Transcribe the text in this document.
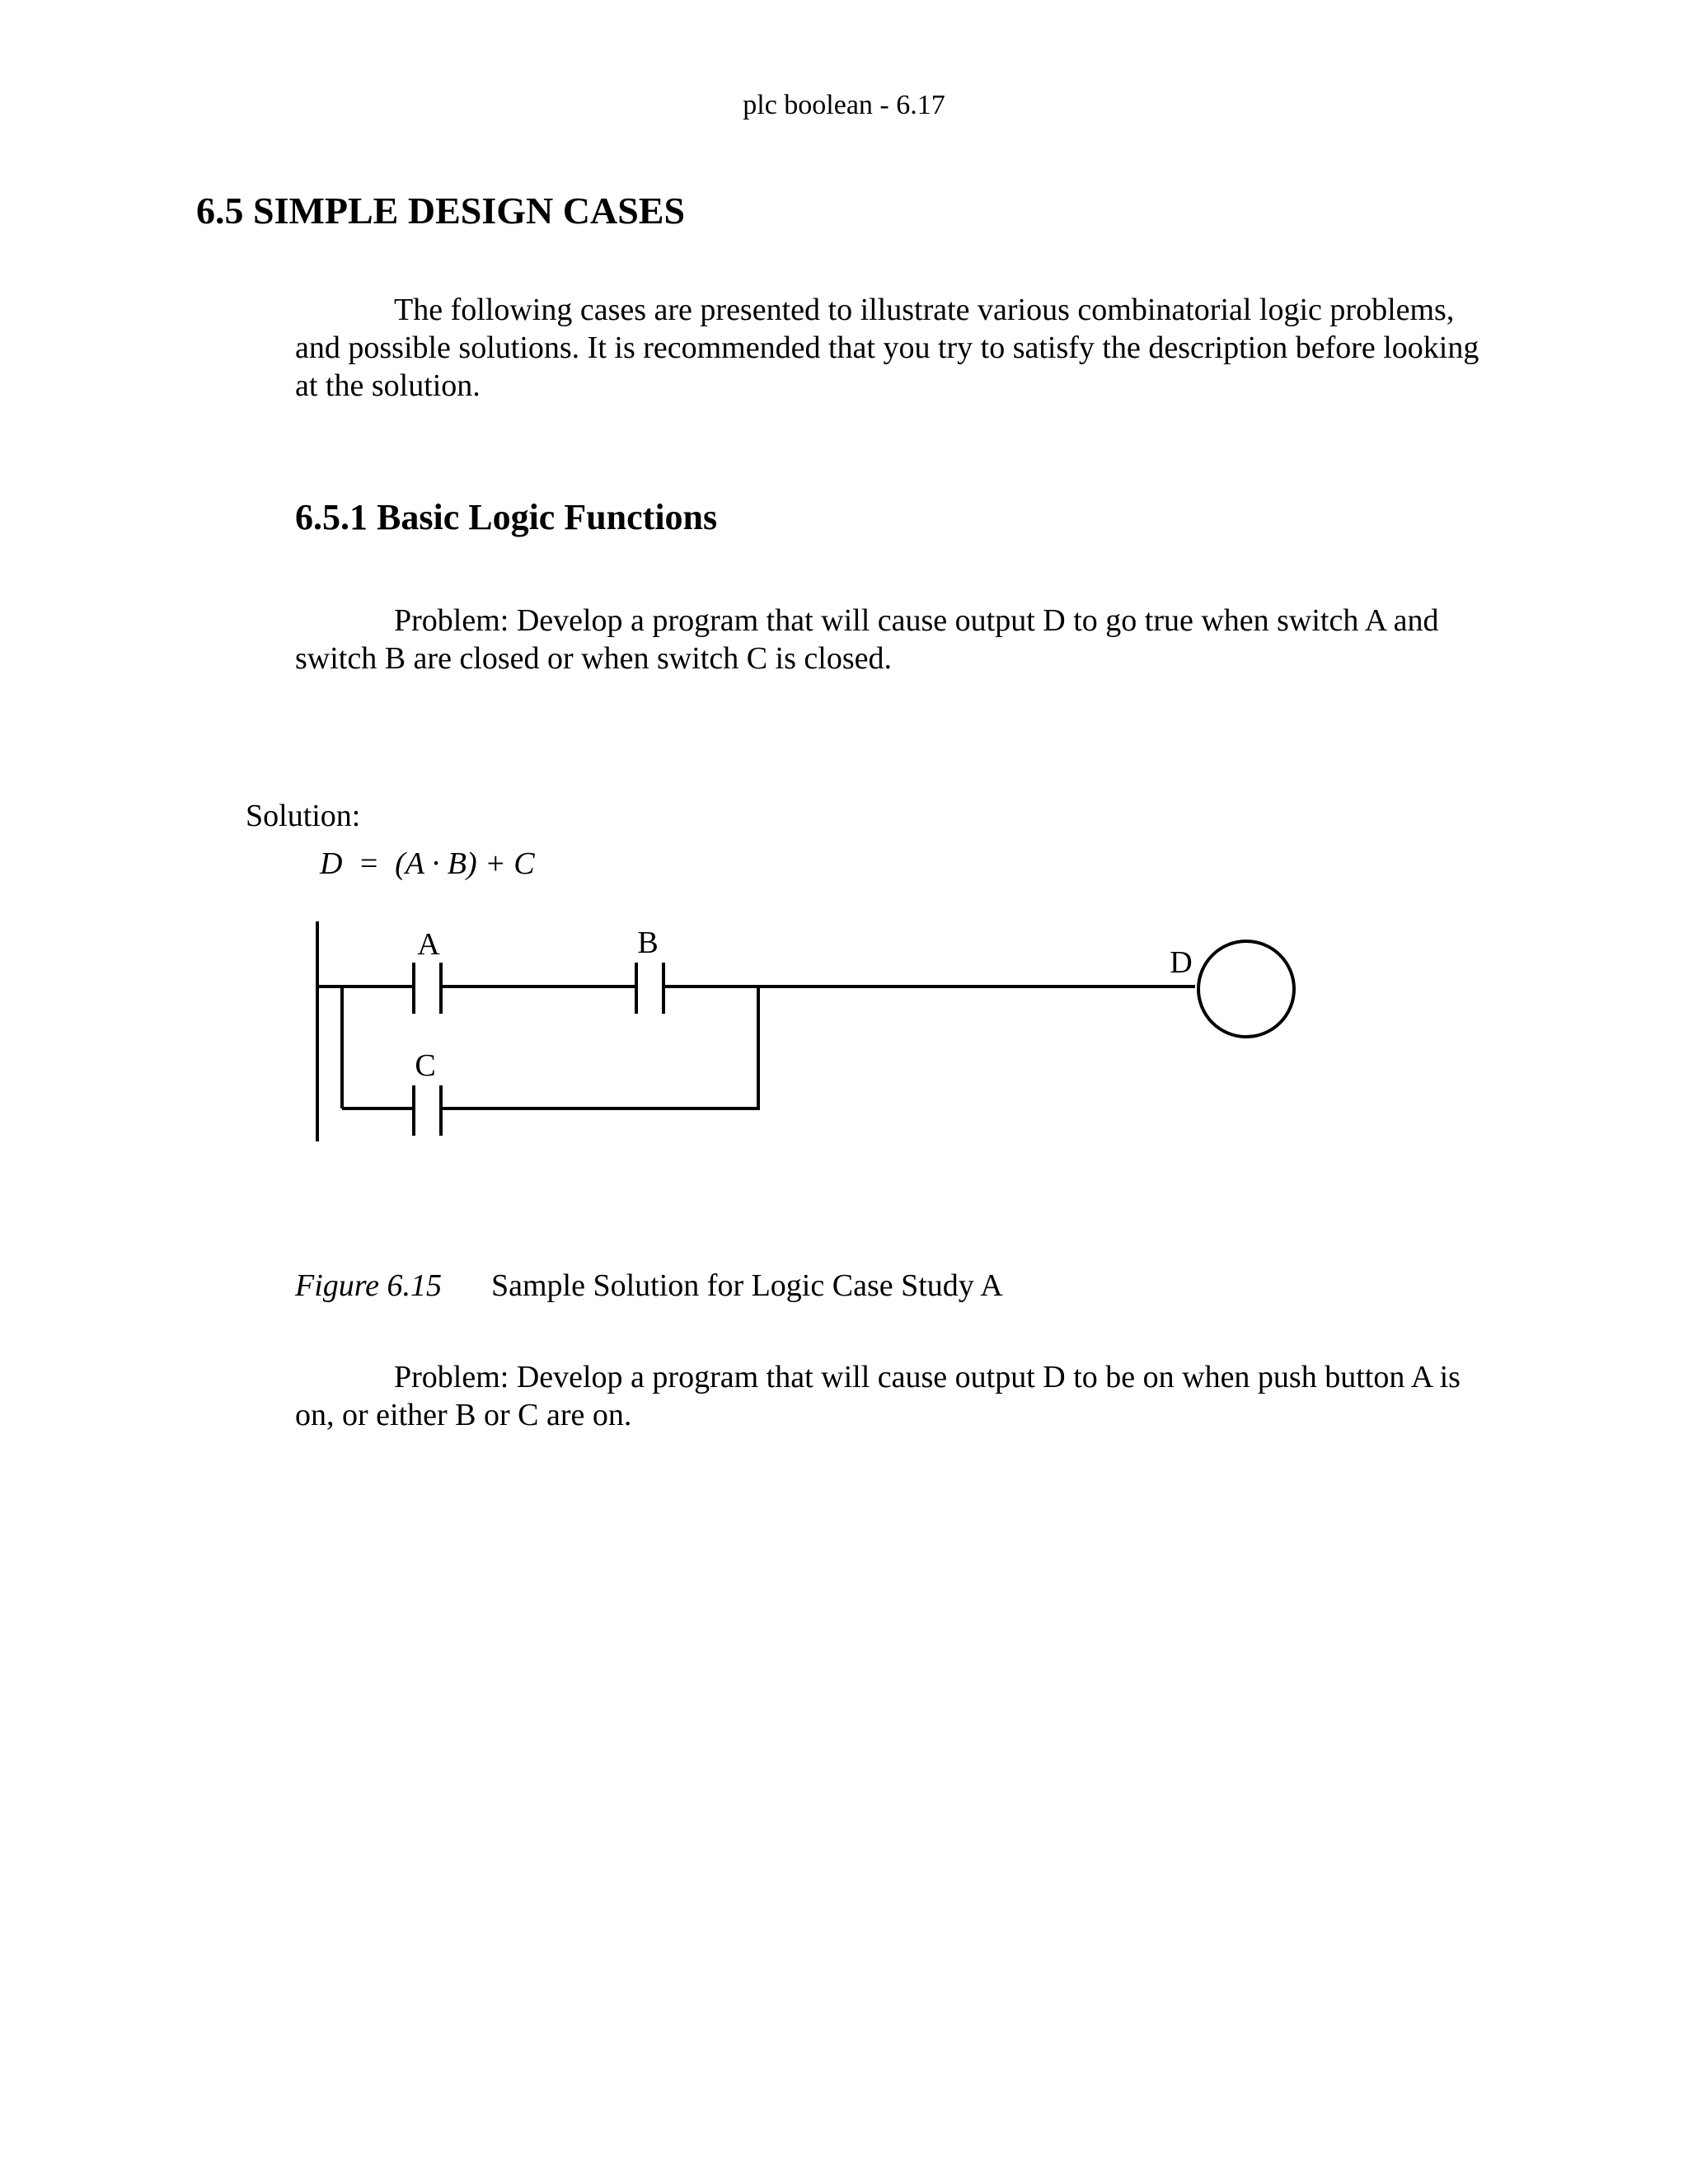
plc boolean - 6.17
6.5 SIMPLE DESIGN CASES

The following cases are presented to illustrate various combinatorial logic problems, and possible solutions. It is recommended that you try to satisfy the description before looking at the solution.

6.5.1 Basic Logic Functions

Problem: Develop a program that will cause output D to go true when switch A and switch B are closed or when switch C is closed.

Solution:
D  =  (A · B) + C
A	B
C
D
Figure 6.15 Sample Solution for Logic Case Study A

Problem: Develop a program that will cause output D to be on when push button A is on, or either B or C are on.
